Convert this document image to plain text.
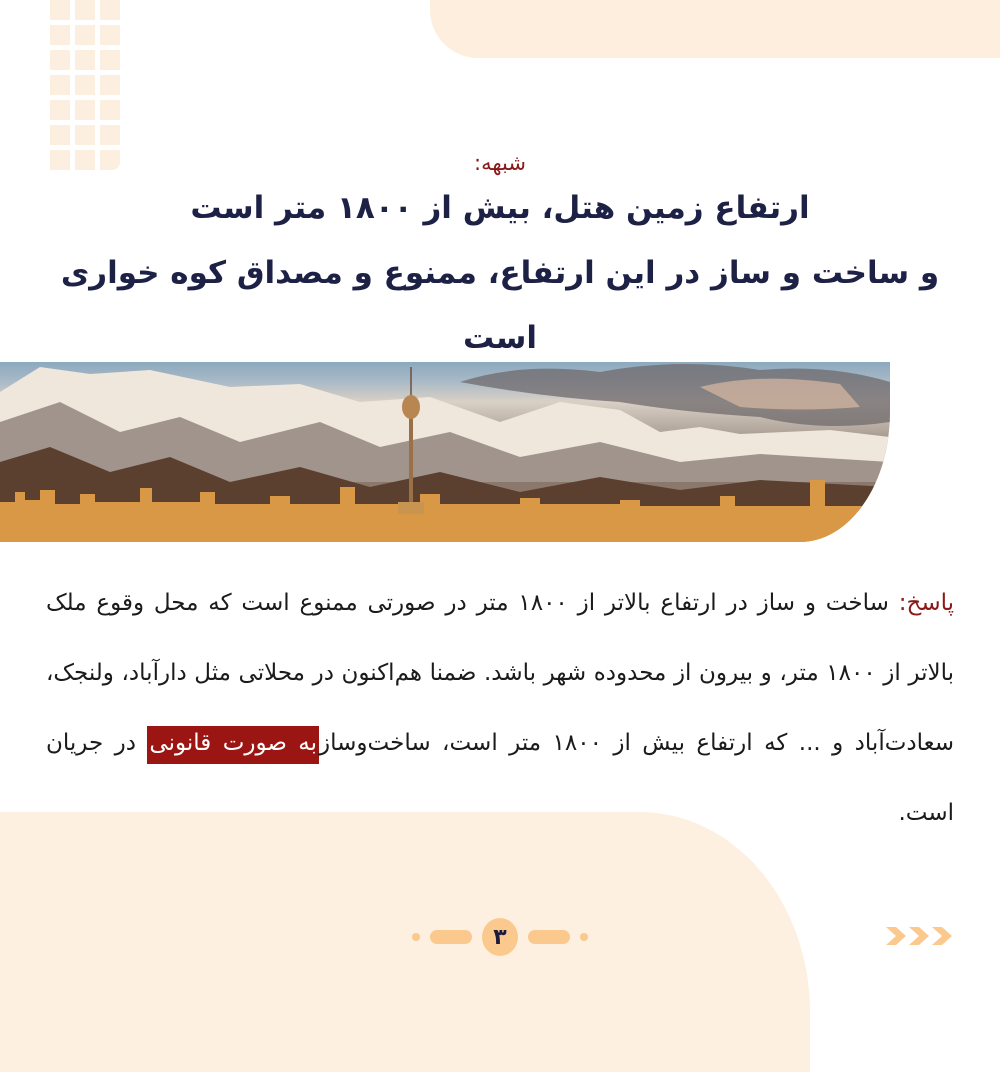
شبهه:
ارتفاع زمین هتل، بیش از ۱۸۰۰ متر است
و ساخت و ساز در این ارتفاع، ممنوع و مصداق کوه خواری است
پاسخ: ساخت و ساز در ارتفاع بالاتر از ۱۸۰۰ متر در صورتی ممنوع است که محل وقوع ملک بالاتر از ۱۸۰۰ متر، و بیرون از محدوده شهر باشد. ضمنا هم‌اکنون در محلاتی مثل دارآباد، ولنجک، سعادت‌آباد و ... که ارتفاع بیش از ۱۸۰۰ متر است، ساخت‌وسازبه صورت قانونی در جریان است.
۳
